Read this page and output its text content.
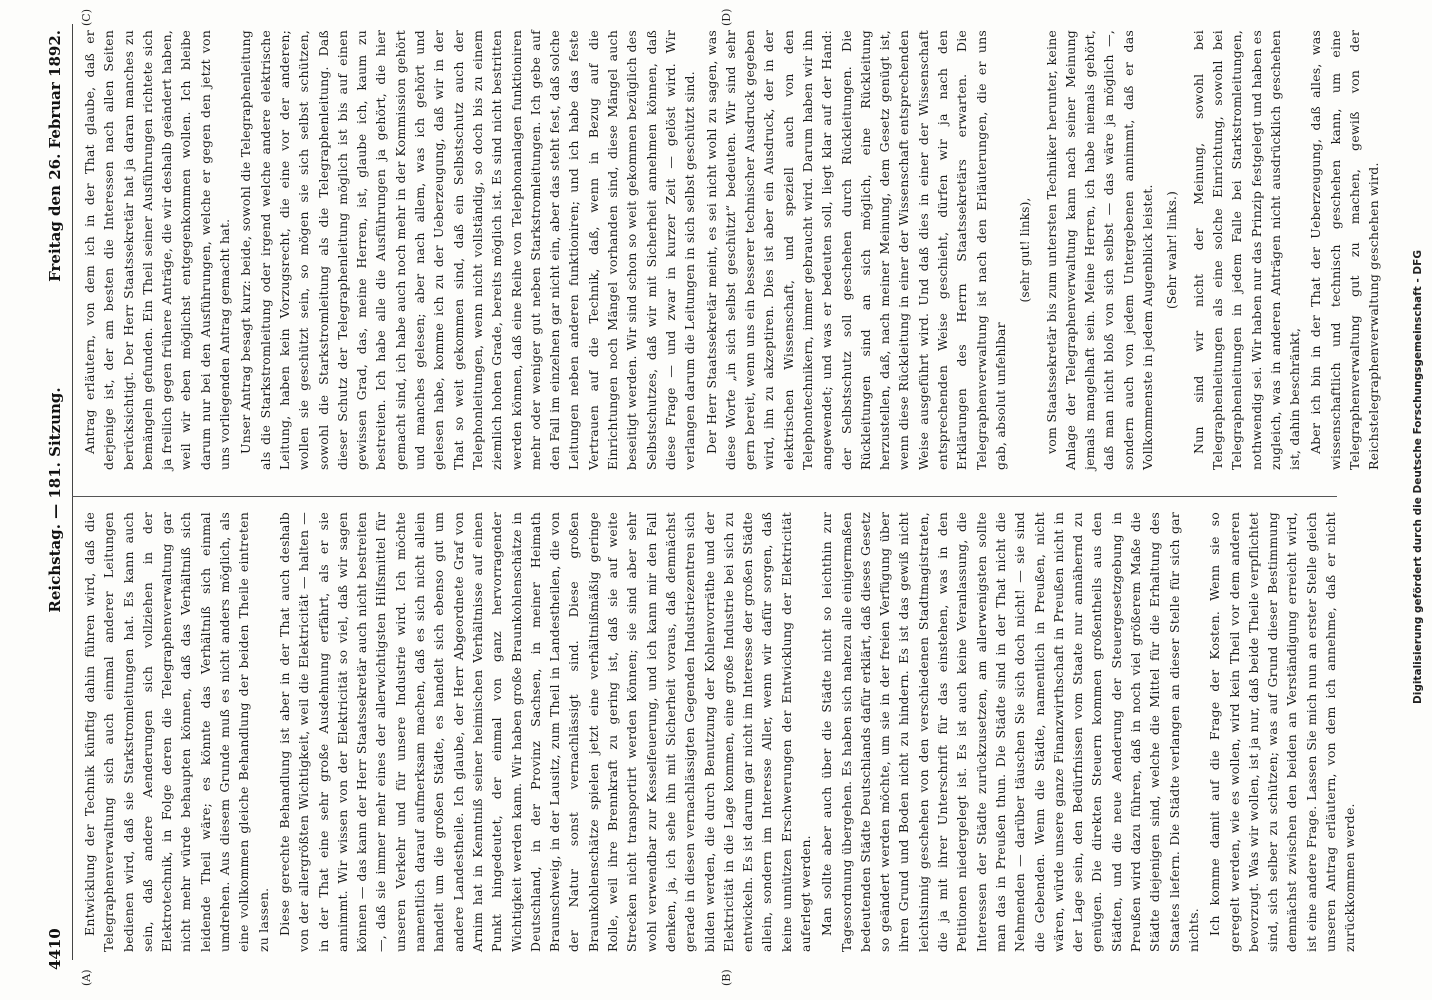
4410
Reichstag. — 181. Sitzung.
Freitag den 26. Februar 1892.
(A)	(B)
(C)	(D)

Entwicklung der Technik künftig dahin führen wird, daß die Telegraphenverwaltung sich auch einmal anderer Leitungen bedienen wird, daß sie Starkstromleitungen hat. Es kann auch sein, daß andere Aenderungen sich vollziehen in der Elektrotechnik, in Folge deren die Telegraphenverwaltung gar nicht mehr würde behaupten können, daß das Verhältniß sich leidende Theil wäre; es könnte das Verhältniß sich einmal umdrehen. Aus diesem Grunde muß es nicht anders möglich, als eine vollkommen gleiche Behandlung der beiden Theile eintreten zu lassen. Diese gerechte Behandlung ist aber in der That auch deshalb von der allergrößten Wichtigkeit, weil die Elektricität — halten — in der That eine sehr große Ausdehnung erfährt, als er sie annimmt. Wir wissen von der Elektricität so viel, daß wir sagen können — das kann der Herr Staatssekretär auch nicht bestreiten —, daß sie immer mehr eines der allerwichtigsten Hilfsmittel für unseren Verkehr und für unsere Industrie wird. Ich möchte namentlich darauf aufmerksam machen, daß es sich nicht allein handelt um die großen Städte, es handelt sich ebenso gut um andere Landestheile. Ich glaube, der Herr Abgeordnete Graf von Arnim hat in Kenntniß seiner heimischen Verhältnisse auf einen Punkt hingedeutet, der einmal von ganz hervorragender Wichtigkeit werden kann. Wir haben große Braunkohlenschätze in Deutschland, in der Provinz Sachsen, in meiner Heimath Braunschweig, in der Lausitz, zum Theil in Landestheilen, die von der Natur sonst vernachlässigt sind. Diese großen Braunkohlenschätze spielen jetzt eine verhältnißmäßig geringe Rolle, weil ihre Brennkraft zu gering ist, daß sie auf weite Strecken nicht transportirt werden können; sie sind aber sehr wohl verwendbar zur Kesselfeuerung, und ich kann mir den Fall denken, ja, ich sehe ihn mit Sicherheit voraus, daß demnächst gerade in diesen vernachlässigten Gegenden Industriezentren sich bilden werden, die durch Benutzung der Kohlenvorräthe und der Elektricität in die Lage kommen, eine große Industrie bei sich zu entwickeln. Es ist darum gar nicht im Interesse der großen Städte allein, sondern im Interesse Aller, wenn wir dafür sorgen, daß keine unnützen Erschwerungen der Entwicklung der Elektricität auferlegt werden. Man sollte aber auch über die Städte nicht so leichthin zur Tagesordnung übergehen. Es haben sich nahezu alle einigermaßen bedeutenden Städte Deutschlands dafür erklärt, daß dieses Gesetz so geändert werden möchte, um sie in der freien Verfügung über ihren Grund und Boden nicht zu hindern. Es ist das gewiß nicht leichtsinnig geschehen von den verschiedenen Stadtmagistraten, die ja mit ihrer Unterschrift für das einstehen, was in den Petitionen niedergelegt ist. Es ist auch keine Veranlassung, die Interessen der Städte zurückzusetzen, am allerwenigsten sollte man das in Preußen thun. Die Städte sind in der That nicht die Nehmenden — darüber täuschen Sie sich doch nicht! — sie sind die Gebenden. Wenn die Städte, namentlich in Preußen, nicht wären, würde unsere ganze Finanzwirthschaft in Preußen nicht in der Lage sein, den Bedürfnissen vom Staate nur annähernd zu genügen. Die direkten Steuern kommen großentheils aus den Städten, und die neue Aenderung der Steuergesetzgebung in Preußen wird dazu führen, daß in noch viel größerem Maße die Städte diejenigen sind, welche die Mittel für die Erhaltung des Staates liefern. Die Städte verlangen an dieser Stelle für sich gar nichts. Ich komme damit auf die Frage der Kosten. Wenn sie so geregelt werden, wie es wollen, wird kein Theil vor dem anderen bevorzugt. Was wir wollen, ist ja nur, daß beide Theile verpflichtet sind, sich selber zu schützen; was auf Grund dieser Bestimmung demnächst zwischen den beiden an Verständigung erreicht wird, ist eine andere Frage. Lassen Sie mich nun an erster Stelle gleich unseren Antrag erläutern, von dem ich annehme, daß er nicht zurückkommen werde.

Antrag erläutern, von dem ich in der That glaube, daß er derjenige ist, der am besten die Interessen nach allen Seiten berücksichtigt. Der Herr Staatssekretär hat ja daran manches zu bemängeln gefunden. Ein Theil seiner Ausführungen richtete sich ja freilich gegen frühere Anträge, die wir deshalb geändert haben, weil wir eben möglichst entgegenkommen wollen. Ich bleibe darum nur bei den Ausführungen, welche er gegen den jetzt von uns vorliegenden Antrag gemacht hat. Unser Antrag besagt kurz: beide, sowohl die Telegraphenleitung als die Starkstromleitung oder irgend welche andere elektrische Leitung, haben kein Vorzugsrecht, die eine vor der anderen; wollen sie geschützt sein, so mögen sie sich selbst schützen, sowohl die Starkstromleitung als die Telegraphenleitung. Daß dieser Schutz der Telegraphenleitung möglich ist bis auf einen gewissen Grad, das, meine Herren, ist, glaube ich, kaum zu bestreiten. Ich habe alle die Ausführungen ja gehört, die hier gemacht sind, ich habe auch noch mehr in der Kommission gehört und manches gelesen; aber nach allem, was ich gehört und gelesen habe, komme ich zu der Ueberzeugung, daß wir in der That so weit gekommen sind, daß ein Selbstschutz auch der Telephonleitungen, wenn nicht vollständig, so doch bis zu einem ziemlich hohen Grade, bereits möglich ist. Es sind nicht bestritten werden können, daß eine Reihe von Telephonanlagen funktioniren mehr oder weniger gut neben Starkstromleitungen. Ich gebe auf den Fall im einzelnen gar nicht ein, aber das steht fest, daß solche Leitungen neben anderen funktioniren; und ich habe das feste Vertrauen auf die Technik, daß, wenn in Bezug auf die Einrichtungen noch Mängel vorhanden sind, diese Mängel auch beseitigt werden. Wir sind schon so weit gekommen bezüglich des Selbstschutzes, daß wir mit Sicherheit annehmen können, daß diese Frage — und zwar in kurzer Zeit — gelöst wird. Wir verlangen darum die Leitungen in sich selbst geschützt sind. Der Herr Staatssekretär meint, es sei nicht wohl zu sagen, was diese Worte „in sich selbst geschützt“ bedeuten. Wir sind sehr gern bereit, wenn uns ein besserer technischer Ausdruck gegeben wird, ihn zu akzeptiren. Dies ist aber ein Ausdruck, der in der elektrischen Wissenschaft, und speziell auch von den Telephontechnikern, immer gebraucht wird. Darum haben wir ihn angewendet; und was er bedeuten soll, liegt klar auf der Hand: der Selbstschutz soll geschehen durch Rückleitungen. Die Rückleitungen sind an sich möglich, eine Rückleitung herzustellen, daß, nach meiner Meinung, dem Gesetz genügt ist, wenn diese Rückleitung in einer der Wissenschaft entsprechenden Weise ausgeführt wird. Und daß dies in einer der Wissenschaft entsprechenden Weise geschieht, dürfen wir ja nach den Erklärungen des Herrn Staatssekretärs erwarten. Die Telegraphenverwaltung ist nach den Erläuterungen, die er uns gab, absolut unfehlbar

(sehr gut! links), vom Staatssekretär bis zum untersten Techniker herunter, keine Anlage der Telegraphenverwaltung kann nach seiner Meinung jemals mangelhaft sein. Meine Herren, ich habe niemals gehört, daß man nicht bloß von sich selbst — das wäre ja möglich —, sondern auch von jedem Untergebenen annimmt, daß er das Vollkommenste in jedem Augenblick leistet. (Sehr wahr! links.) Nun sind wir nicht der Meinung, sowohl bei Telegraphenleitungen als eine solche Einrichtung, sowohl bei Telegraphenleitungen in jedem Falle bei Starkstromleitungen, nothwendig sei. Wir haben nur das Prinzip festgelegt und haben es zugleich, was in anderen Anträgen nicht ausdrücklich geschehen ist, dahin beschränkt, Aber ich bin in der That der Ueberzeugung, daß alles, was wissenschaftlich und technisch geschehen kann, um eine Telegraphenverwaltung gut zu machen, gewiß von der Reichstelegraphenverwaltung geschehen wird.	Digitalisierung gefördert durch die Deutsche Forschungsgemeinschaft - DFG
